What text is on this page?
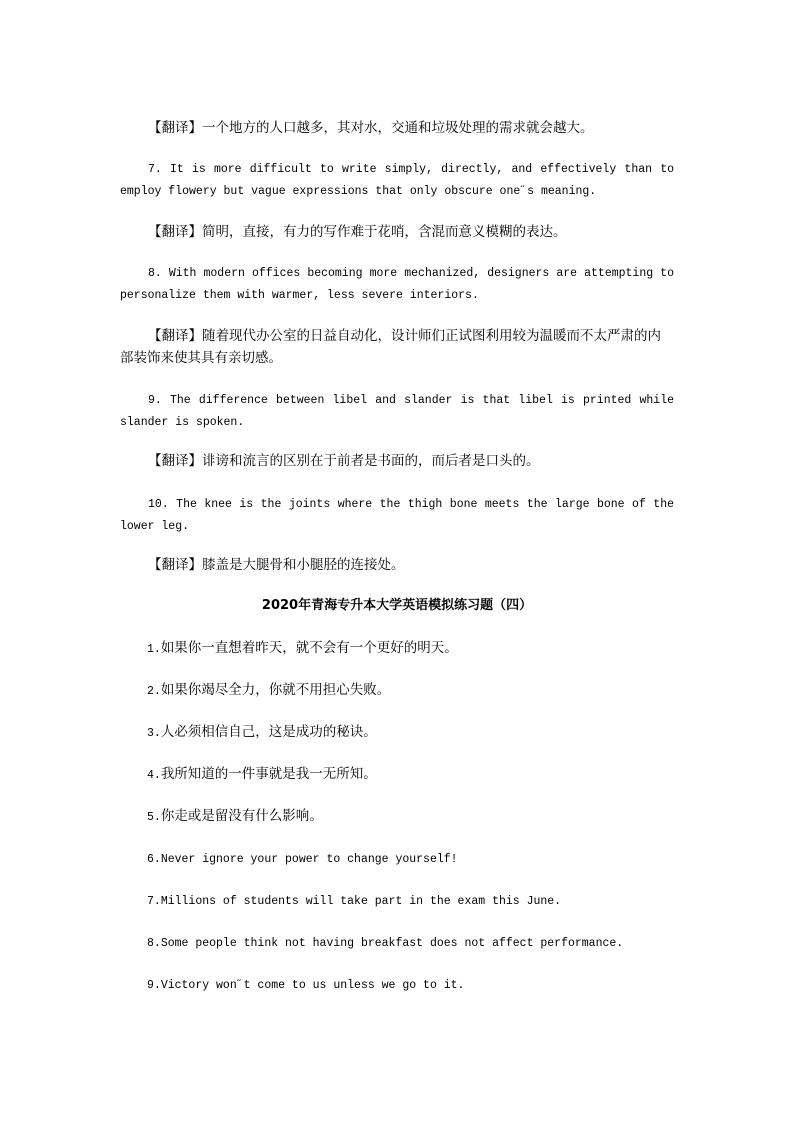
【翻译】一个地方的人口越多，其对水，交通和垃圾处理的需求就会越大。

7. It is more difficult to write simply, directly, and effectively than to employ flowery but vague expressions that only obscure one˝s meaning.

【翻译】简明，直接，有力的写作难于花哨，含混而意义模糊的表达。

8. With modern offices becoming more mechanized, designers are attempting to personalize them with warmer, less severe interiors.

【翻译】随着现代办公室的日益自动化，设计师们正试图利用较为温暖而不太严肃的内部装饰来使其具有亲切感。

9. The difference between libel and slander is that libel is printed while slander is spoken.

【翻译】诽谤和流言的区别在于前者是书面的，而后者是口头的。

10. The knee is the joints where the thigh bone meets the large bone of the lower leg.

【翻译】膝盖是大腿骨和小腿胫的连接处。

2020年青海专升本大学英语模拟练习题（四）

1.如果你一直想着昨天，就不会有一个更好的明天。

2.如果你竭尽全力，你就不用担心失败。

3.人必须相信自己，这是成功的秘诀。

4.我所知道的一件事就是我一无所知。

5.你走或是留没有什么影响。

6.Never ignore your power to change yourself!

7.Millions of students will take part in the exam this June.

8.Some people think not having breakfast does not affect performance.

9.Victory won˝t come to us unless we go to it.
